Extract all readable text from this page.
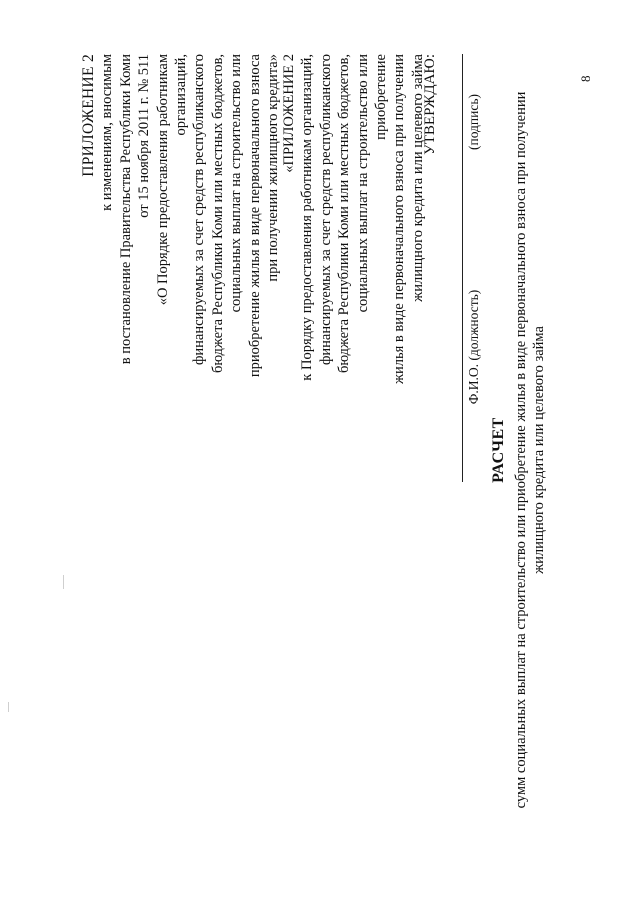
8
ПРИЛОЖЕНИЕ 2 к изменениям, вносимым в постановление Правительства Республики Коми от 15 ноября 2011 г. № 511 «О Порядке предоставления работникам организаций, финансируемых за счет средств республиканского бюджета Республики Коми или местных бюджетов, социальных выплат на строительство или приобретение жилья в виде первоначального взноса при получении жилищного кредита» «ПРИЛОЖЕНИЕ 2 к Порядку предоставления работникам организаций, финансируемых за счет средств республиканского бюджета Республики Коми или местных бюджетов, социальных выплат на строительство или приобретение жилья в виде первоначального взноса при получении жилищного кредита или целевого займа
УТВЕРЖДАЮ:
Ф.И.О. (должность)
(подпись)
РАСЧЕТ сумм социальных выплат на строительство или приобретение жилья в виде первоначального взноса при получении жилищного кредита или целевого займа
